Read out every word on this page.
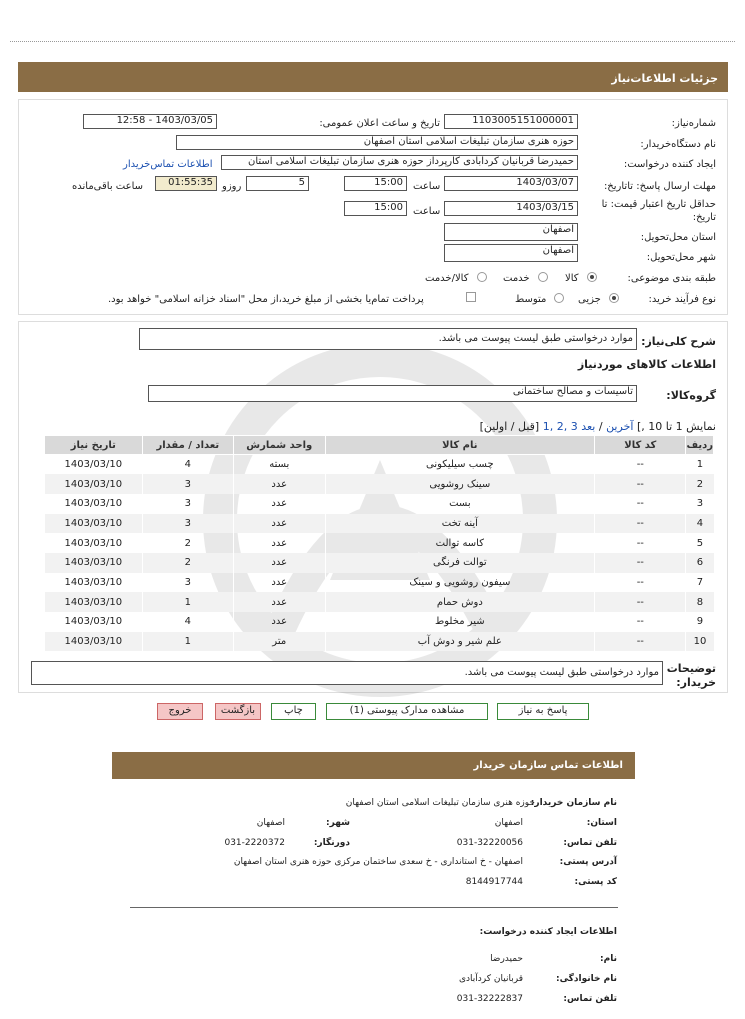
جزئیات اطلاعات‌نیاز
شماره‌نیاز:
1103005151000001
تاریخ و ساعت اعلان عمومی:
1403/03/05 - 12:58
نام دستگاه‌خریدار:
حوزه هنری سازمان تبلیغات اسلامی استان اصفهان
ایجاد کننده درخواست:
حمیدرضا قربانیان کردآبادی کارپرداز حوزه هنری سازمان تبلیغات اسلامی استان
اطلاعات تماس‌خریدار
مهلت ارسال پاسخ: تاتاریخ:
1403/03/07
ساعت
15:00
5
روزو
01:55:35
ساعت باقی‌مانده
حداقل تاریخ اعتبار قیمت: تا
تاریخ:
1403/03/15
ساعت
15:00
استان محل‌تحویل:
اصفهان
شهر محل‌تحویل:
اصفهان
طبقه بندی موضوعی:
کالا
خدمت
کالا/خدمت
نوع فرآیند خرید:
جزیی
متوسط
پرداخت تمام‌یا بخشی از مبلغ خرید،از محل "اسناد خزانه اسلامی" خواهد بود.
شرح کلی‌نیاز:
موارد درخواستی طبق لیست پیوست می باشد.
اطلاعات کالاهای موردنیاز
گروه‌کالا:
تاسیسات و مصالح ساختمانی
نمایش 1 تا 10 ,] آخرین / بعد 3 ,2 ,1 [قبل / اولین]
ردیف	کد کالا	نام کالا	واحد شمارش	تعداد / مقدار	تاریخ نیاز
1	--	چسب سیلیکونی	بسته	4	1403/03/10
2	--	سینک روشویی	عدد	3	1403/03/10
3	--	بست	عدد	3	1403/03/10
4	--	آینه تخت	عدد	3	1403/03/10
5	--	کاسه توالت	عدد	2	1403/03/10
6	--	توالت فرنگی	عدد	2	1403/03/10
7	--	سیفون روشویی و سینک	عدد	3	1403/03/10
8	--	دوش حمام	عدد	1	1403/03/10
9	--	شیر مخلوط	عدد	4	1403/03/10
10	--	علم شیر و دوش آب	متر	1	1403/03/10
توضیحات
خریدار:
موارد درخواستی طبق لیست پیوست می باشد.
پاسخ به نیاز
مشاهده مدارک پیوستی (1)
چاپ
بازگشت
خروج
اطلاعات تماس سازمان خریدار
نام سازمان خریدار:
حوزه هنری سازمان تبلیغات اسلامی استان اصفهان
استان:
اصفهان
شهر:
اصفهان
تلفن تماس:
031-32220056
دورنگار:
031-2220372
آدرس پستی:
اصفهان - خ استانداری - خ سعدی ساختمان مرکزی حوزه هنری استان اصفهان
کد پستی:
8144917744
اطلاعات ایجاد کننده درخواست:
نام:
حمیدرضا
نام خانوادگی:
قربانیان کردآبادی
تلفن تماس:
031-32222837
